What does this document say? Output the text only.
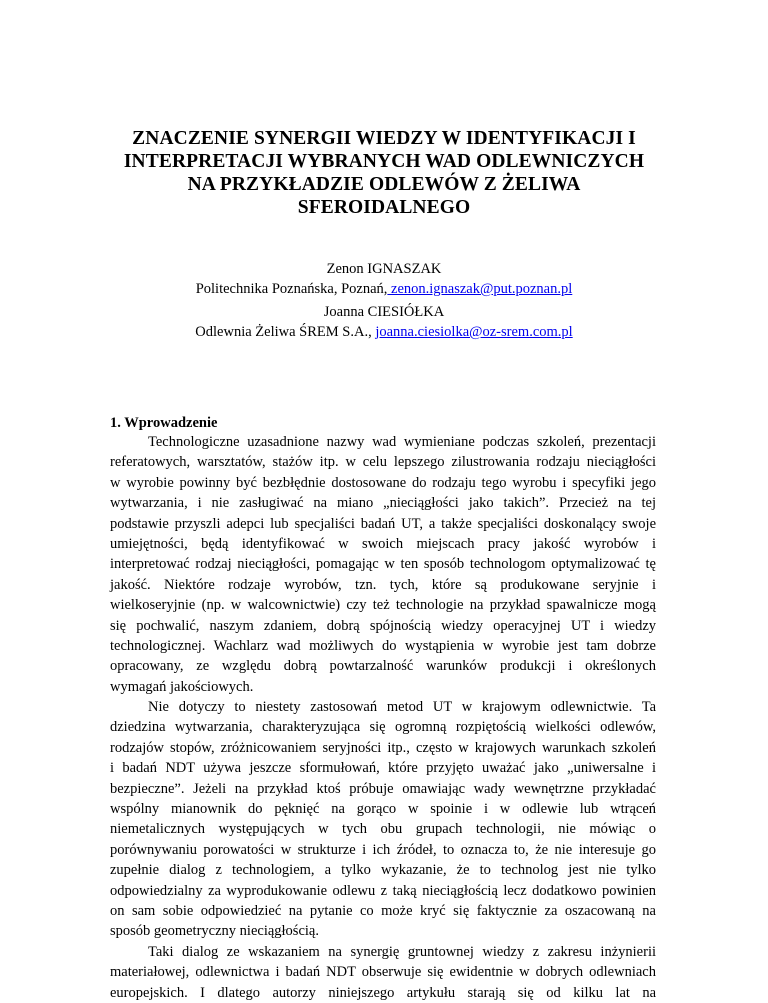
ZNACZENIE SYNERGII WIEDZY W IDENTYFIKACJI I
INTERPRETACJI WYBRANYCH WAD ODLEWNICZYCH
NA PRZYKŁADZIE ODLEWÓW Z ŻELIWA
SFEROIDALNEGO
Zenon IGNASZAK
Politechnika Poznańska, Poznań, zenon.ignaszak@put.poznan.pl
Joanna CIESIÓŁKA
Odlewnia Żeliwa ŚREM S.A., joanna.ciesiolka@oz-srem.com.pl
1. Wprowadzenie
Technologiczne uzasadnione nazwy wad wymieniane podczas szkoleń, prezentacji
referatowych, warsztatów, stażów itp. w celu lepszego zilustrowania rodzaju nieciągłości
w wyrobie powinny być bezbłędnie dostosowane do rodzaju tego wyrobu i specyfiki jego
wytwarzania, i nie zasługiwać na miano „nieciągłości jako takich”. Przecież na tej
podstawie przyszli adepci lub specjaliści badań UT, a także specjaliści doskonalący swoje
umiejętności, będą identyfikować w swoich miejscach pracy jakość wyrobów i
interpretować rodzaj nieciągłości, pomagając w ten sposób technologom optymalizować tę
jakość. Niektóre rodzaje wyrobów, tzn. tych, które są produkowane seryjnie i
wielkoseryjnie (np. w walcownictwie) czy też technologie na przykład spawalnicze mogą
się pochwalić, naszym zdaniem, dobrą spójnością wiedzy operacyjnej UT i wiedzy
technologicznej. Wachlarz wad możliwych do wystąpienia w wyrobie jest tam dobrze
opracowany, ze względu dobrą powtarzalność warunków produkcji i określonych
wymagań jakościowych.
Nie dotyczy to niestety zastosowań metod UT w krajowym odlewnictwie. Ta
dziedzina wytwarzania, charakteryzująca się ogromną rozpiętością wielkości odlewów,
rodzajów stopów, zróżnicowaniem seryjności itp., często w krajowych warunkach szkoleń
i badań NDT używa jeszcze sformułowań, które przyjęto uważać jako „uniwersalne i
bezpieczne”. Jeżeli na przykład ktoś próbuje omawiając wady wewnętrzne przykładać
wspólny mianownik do pęknięć na gorąco w spoinie i w odlewie lub wtrąceń
niemetalicznych występujących w tych obu grupach technologii, nie mówiąc o
porównywaniu porowatości w strukturze i ich źródeł, to oznacza to, że nie interesuje go
zupełnie dialog z technologiem, a tylko wykazanie, że to technolog jest nie tylko
odpowiedzialny za wyprodukowanie odlewu z taką nieciągłością lecz dodatkowo powinien
on sam sobie odpowiedzieć na pytanie co może kryć się faktycznie za oszacowaną na
sposób geometryczny nieciągłością.
Taki dialog ze wskazaniem na synergię gruntownej wiedzy z zakresu inżynierii
materiałowej, odlewnictwa i badań NDT obserwuje się ewidentnie w dobrych odlewniach
europejskich. I dlatego autorzy niniejszego artykułu starają się od kilku lat na
